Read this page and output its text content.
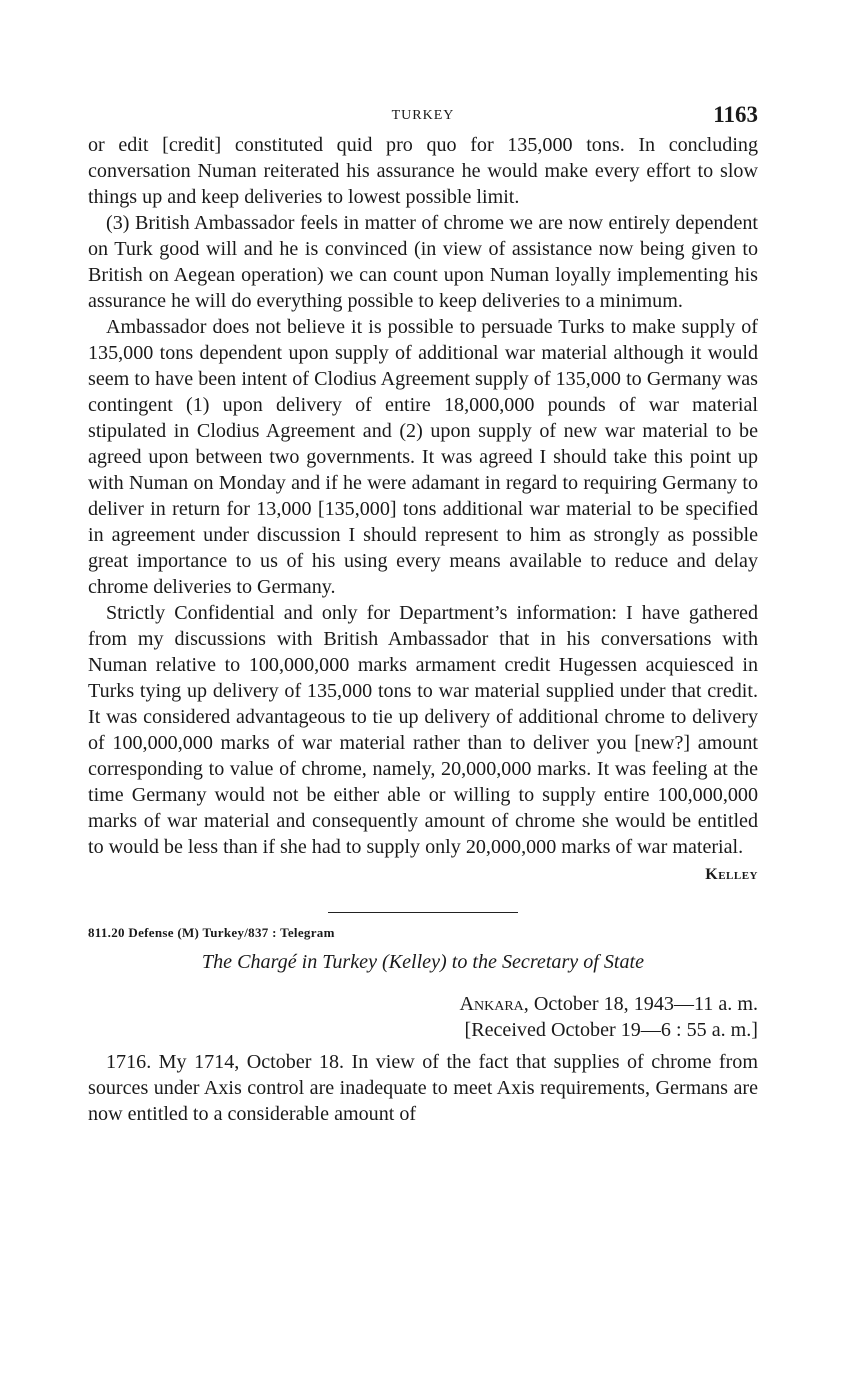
TURKEY	1163

or edit [credit] constituted quid pro quo for 135,000 tons. In concluding conversation Numan reiterated his assurance he would make every effort to slow things up and keep deliveries to lowest possible limit.

(3) British Ambassador feels in matter of chrome we are now entirely dependent on Turk good will and he is convinced (in view of assistance now being given to British on Aegean operation) we can count upon Numan loyally implementing his assurance he will do everything possible to keep deliveries to a minimum.

Ambassador does not believe it is possible to persuade Turks to make supply of 135,000 tons dependent upon supply of additional war material although it would seem to have been intent of Clodius Agreement supply of 135,000 to Germany was contingent (1) upon delivery of entire 18,000,000 pounds of war material stipulated in Clodius Agreement and (2) upon supply of new war material to be agreed upon between two governments. It was agreed I should take this point up with Numan on Monday and if he were adamant in regard to requiring Germany to deliver in return for 13,000 [135,000] tons additional war material to be specified in agreement under discussion I should represent to him as strongly as possible great importance to us of his using every means available to reduce and delay chrome deliveries to Germany.

Strictly Confidential and only for Department’s information: I have gathered from my discussions with British Ambassador that in his conversations with Numan relative to 100,000,000 marks armament credit Hugessen acquiesced in Turks tying up delivery of 135,000 tons to war material supplied under that credit. It was considered advantageous to tie up delivery of additional chrome to delivery of 100,000,000 marks of war material rather than to deliver you [new?] amount corresponding to value of chrome, namely, 20,000,000 marks. It was feeling at the time Germany would not be either able or willing to supply entire 100,000,000 marks of war material and consequently amount of chrome she would be entitled to would be less than if she had to supply only 20,000,000 marks of war material.

Kelley
811.20 Defense (M) Turkey/837 : Telegram
The Chargé in Turkey (Kelley) to the Secretary of State
Ankara, October 18, 1943—11 a. m.
[Received October 19—6 : 55 a. m.]

1716. My 1714, October 18. In view of the fact that supplies of chrome from sources under Axis control are inadequate to meet Axis requirements, Germans are now entitled to a considerable amount of
